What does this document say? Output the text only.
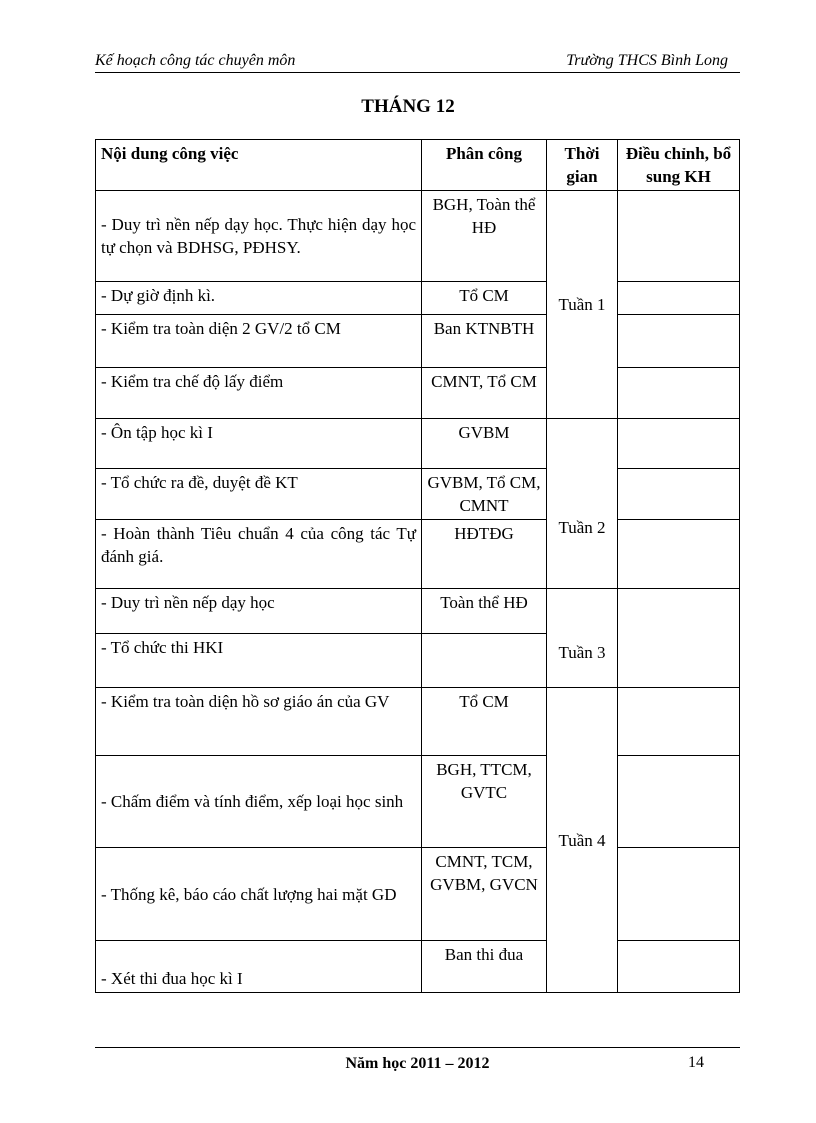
Kế hoạch công tác chuyên môn	Trường THCS Bình Long
THÁNG 12
Nội dung công việc	Phân công	Thời gian	Điều chỉnh, bổ sung KH
- Duy trì nền nếp dạy học. Thực hiện dạy học tự chọn và BDHSG, PĐHSY.	BGH, Toàn thể HĐ	Tuần 1	
- Dự giờ định kì.	Tổ CM		
- Kiểm tra toàn diện 2 GV/2 tổ CM	Ban KTNBTH		
- Kiểm tra chế độ lấy điểm	CMNT, Tổ CM		
- Ôn tập học kì I	GVBM	Tuần 2	
- Tổ chức ra đề, duyệt đề KT	GVBM, Tổ CM, CMNT		
- Hoàn thành Tiêu chuẩn 4 của công tác Tự đánh giá.	HĐTĐG		
- Duy trì nền nếp dạy học	Toàn thể HĐ	Tuần 3	
- Tổ chức thi HKI			
- Kiểm tra toàn diện hồ sơ giáo án của GV	Tổ CM	Tuần 4	
- Chấm điểm và tính điểm, xếp loại học sinh	BGH, TTCM, GVTC		
- Thống kê, báo cáo chất lượng hai mặt GD	CMNT, TCM, GVBM, GVCN		
- Xét thi đua học kì I	Ban thi đua		
Năm học 2011 – 2012	14
